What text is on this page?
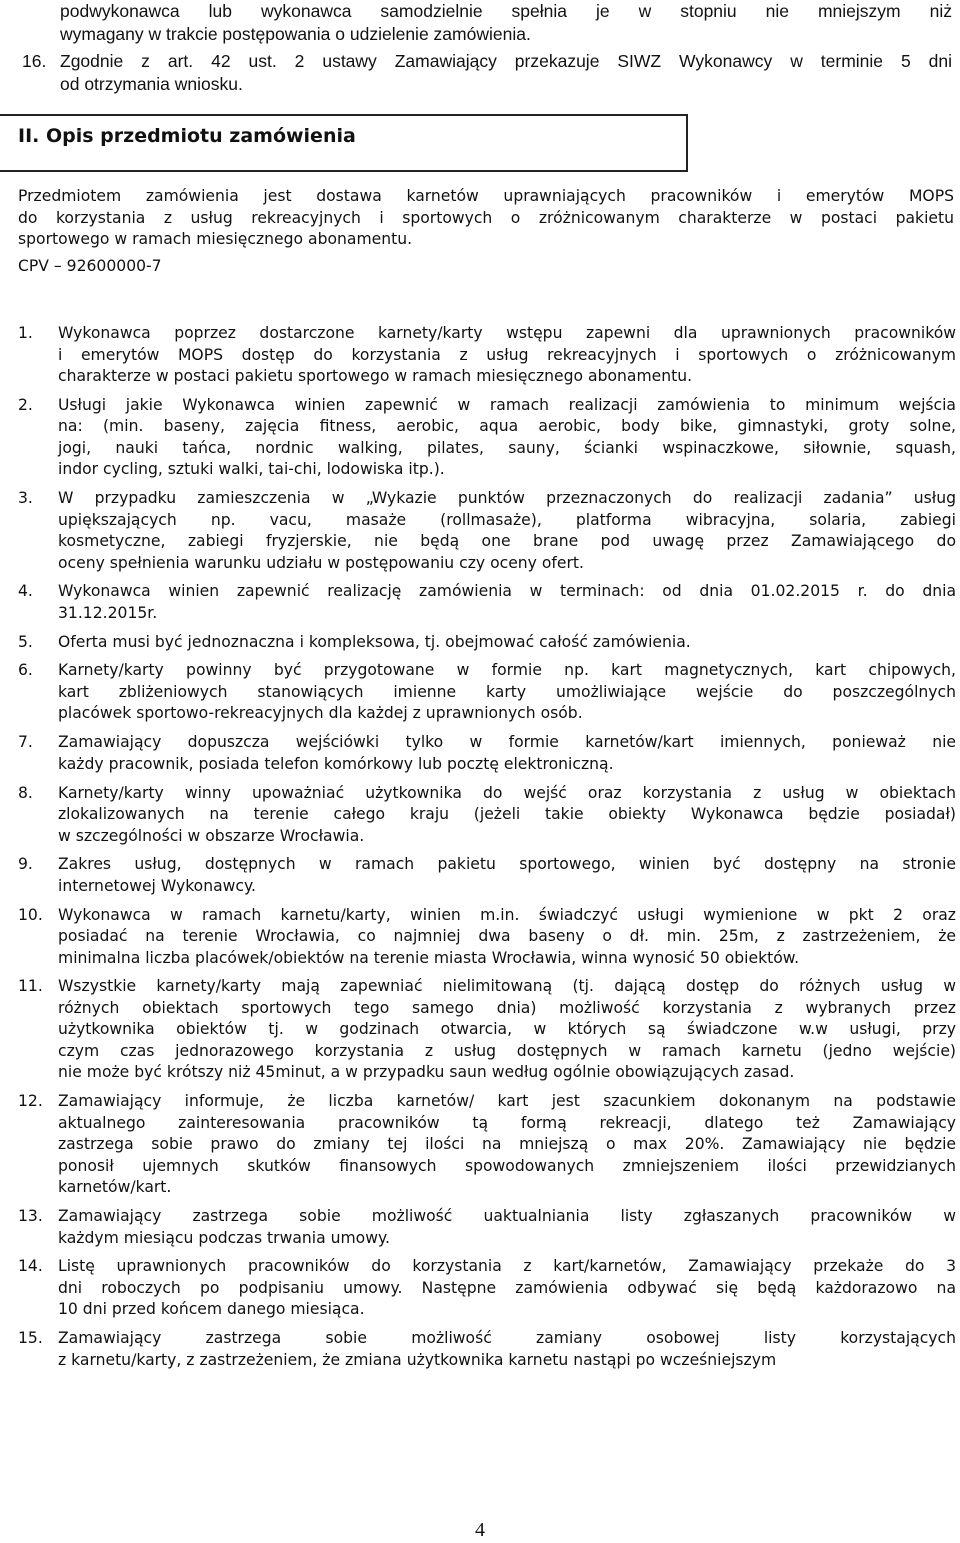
podwykonawca lub wykonawca samodzielnie spełnia je w stopniu nie mniejszym niż
wymagany w trakcie postępowania o udzielenie zamówienia.
16. Zgodnie z art. 42 ust. 2 ustawy Zamawiający przekazuje SIWZ Wykonawcy w terminie 5 dni
od otrzymania wniosku.
II. Opis przedmiotu zamówienia
Przedmiotem zamówienia jest dostawa karnetów uprawniających pracowników i emerytów MOPS
do korzystania z usług rekreacyjnych i sportowych o zróżnicowanym charakterze w postaci pakietu
sportowego w ramach miesięcznego abonamentu.
CPV – 92600000-7
1.	Wykonawca poprzez dostarczone karnety/karty wstępu zapewni dla uprawnionych pracowników
i emerytów MOPS dostęp do korzystania z usług rekreacyjnych i sportowych o zróżnicowanym
charakterze w postaci pakietu sportowego w ramach miesięcznego abonamentu.
2.	Usługi jakie Wykonawca winien zapewnić w ramach realizacji zamówienia to minimum wejścia
na: (min. baseny, zajęcia fitness, aerobic, aqua aerobic, body bike, gimnastyki, groty solne,
jogi, nauki tańca, nordnic walking, pilates, sauny, ścianki wspinaczkowe, siłownie, squash,
indor cycling, sztuki walki, tai-chi, lodowiska itp.).
3.	W przypadku zamieszczenia w „Wykazie punktów przeznaczonych do realizacji zadania” usług
upiększających np. vacu, masaże (rollmasaże), platforma wibracyjna, solaria, zabiegi
kosmetyczne, zabiegi fryzjerskie, nie będą one brane pod uwagę przez Zamawiającego do
oceny spełnienia warunku udziału w postępowaniu czy oceny ofert.
4.	Wykonawca winien zapewnić realizację zamówienia w terminach: od dnia 01.02.2015 r. do dnia
31.12.2015r.
5.	Oferta musi być jednoznaczna i kompleksowa, tj. obejmować całość zamówienia.
6.	Karnety/karty powinny być przygotowane w formie np. kart magnetycznych, kart chipowych,
kart zbliżeniowych stanowiących imienne karty umożliwiające wejście do poszczególnych
placówek sportowo-rekreacyjnych dla każdej z uprawnionych osób.
7.	Zamawiający dopuszcza wejściówki tylko w formie karnetów/kart imiennych, ponieważ nie
każdy pracownik, posiada telefon komórkowy lub pocztę elektroniczną.
8.	Karnety/karty winny upoważniać użytkownika do wejść oraz korzystania z usług w obiektach
zlokalizowanych na terenie całego kraju (jeżeli takie obiekty Wykonawca będzie posiadał)
w szczególności w obszarze Wrocławia.
9.	Zakres usług, dostępnych w ramach pakietu sportowego, winien być dostępny na stronie
internetowej Wykonawcy.
10. Wykonawca w ramach karnetu/karty, winien m.in. świadczyć usługi wymienione w pkt 2 oraz
posiadać na terenie Wrocławia, co najmniej dwa baseny o dł. min. 25m, z zastrzeżeniem, że
minimalna liczba placówek/obiektów na terenie miasta Wrocławia, winna wynosić 50 obiektów.
11. Wszystkie karnety/karty mają zapewniać nielimitowaną (tj. dającą dostęp do różnych usług w
różnych obiektach sportowych tego samego dnia) możliwość korzystania z wybranych przez
użytkownika obiektów tj. w godzinach otwarcia, w których są świadczone w.w usługi, przy
czym czas jednorazowego korzystania z usług dostępnych w ramach karnetu (jedno wejście)
nie może być krótszy niż 45minut, a w przypadku saun według ogólnie obowiązujących zasad.
12. Zamawiający informuje, że liczba karnetów/ kart jest szacunkiem dokonanym na podstawie
aktualnego zainteresowania pracowników tą formą rekreacji, dlatego też Zamawiający
zastrzega sobie prawo do zmiany tej ilości na mniejszą o max 20%. Zamawiający nie będzie
ponosił ujemnych skutków finansowych spowodowanych zmniejszeniem ilości przewidzianych
karnetów/kart.
13. Zamawiający zastrzega sobie możliwość uaktualniania listy zgłaszanych pracowników w
każdym miesiącu podczas trwania umowy.
14. Listę uprawnionych pracowników do korzystania z kart/karnetów, Zamawiający przekaże do 3
dni roboczych po podpisaniu umowy. Następne zamówienia odbywać się będą każdorazowo na
10 dni przed końcem danego miesiąca.
15. Zamawiający zastrzega sobie możliwość zamiany osobowej listy korzystających
z karnetu/karty, z zastrzeżeniem, że zmiana użytkownika karnetu nastąpi po wcześniejszym
4
